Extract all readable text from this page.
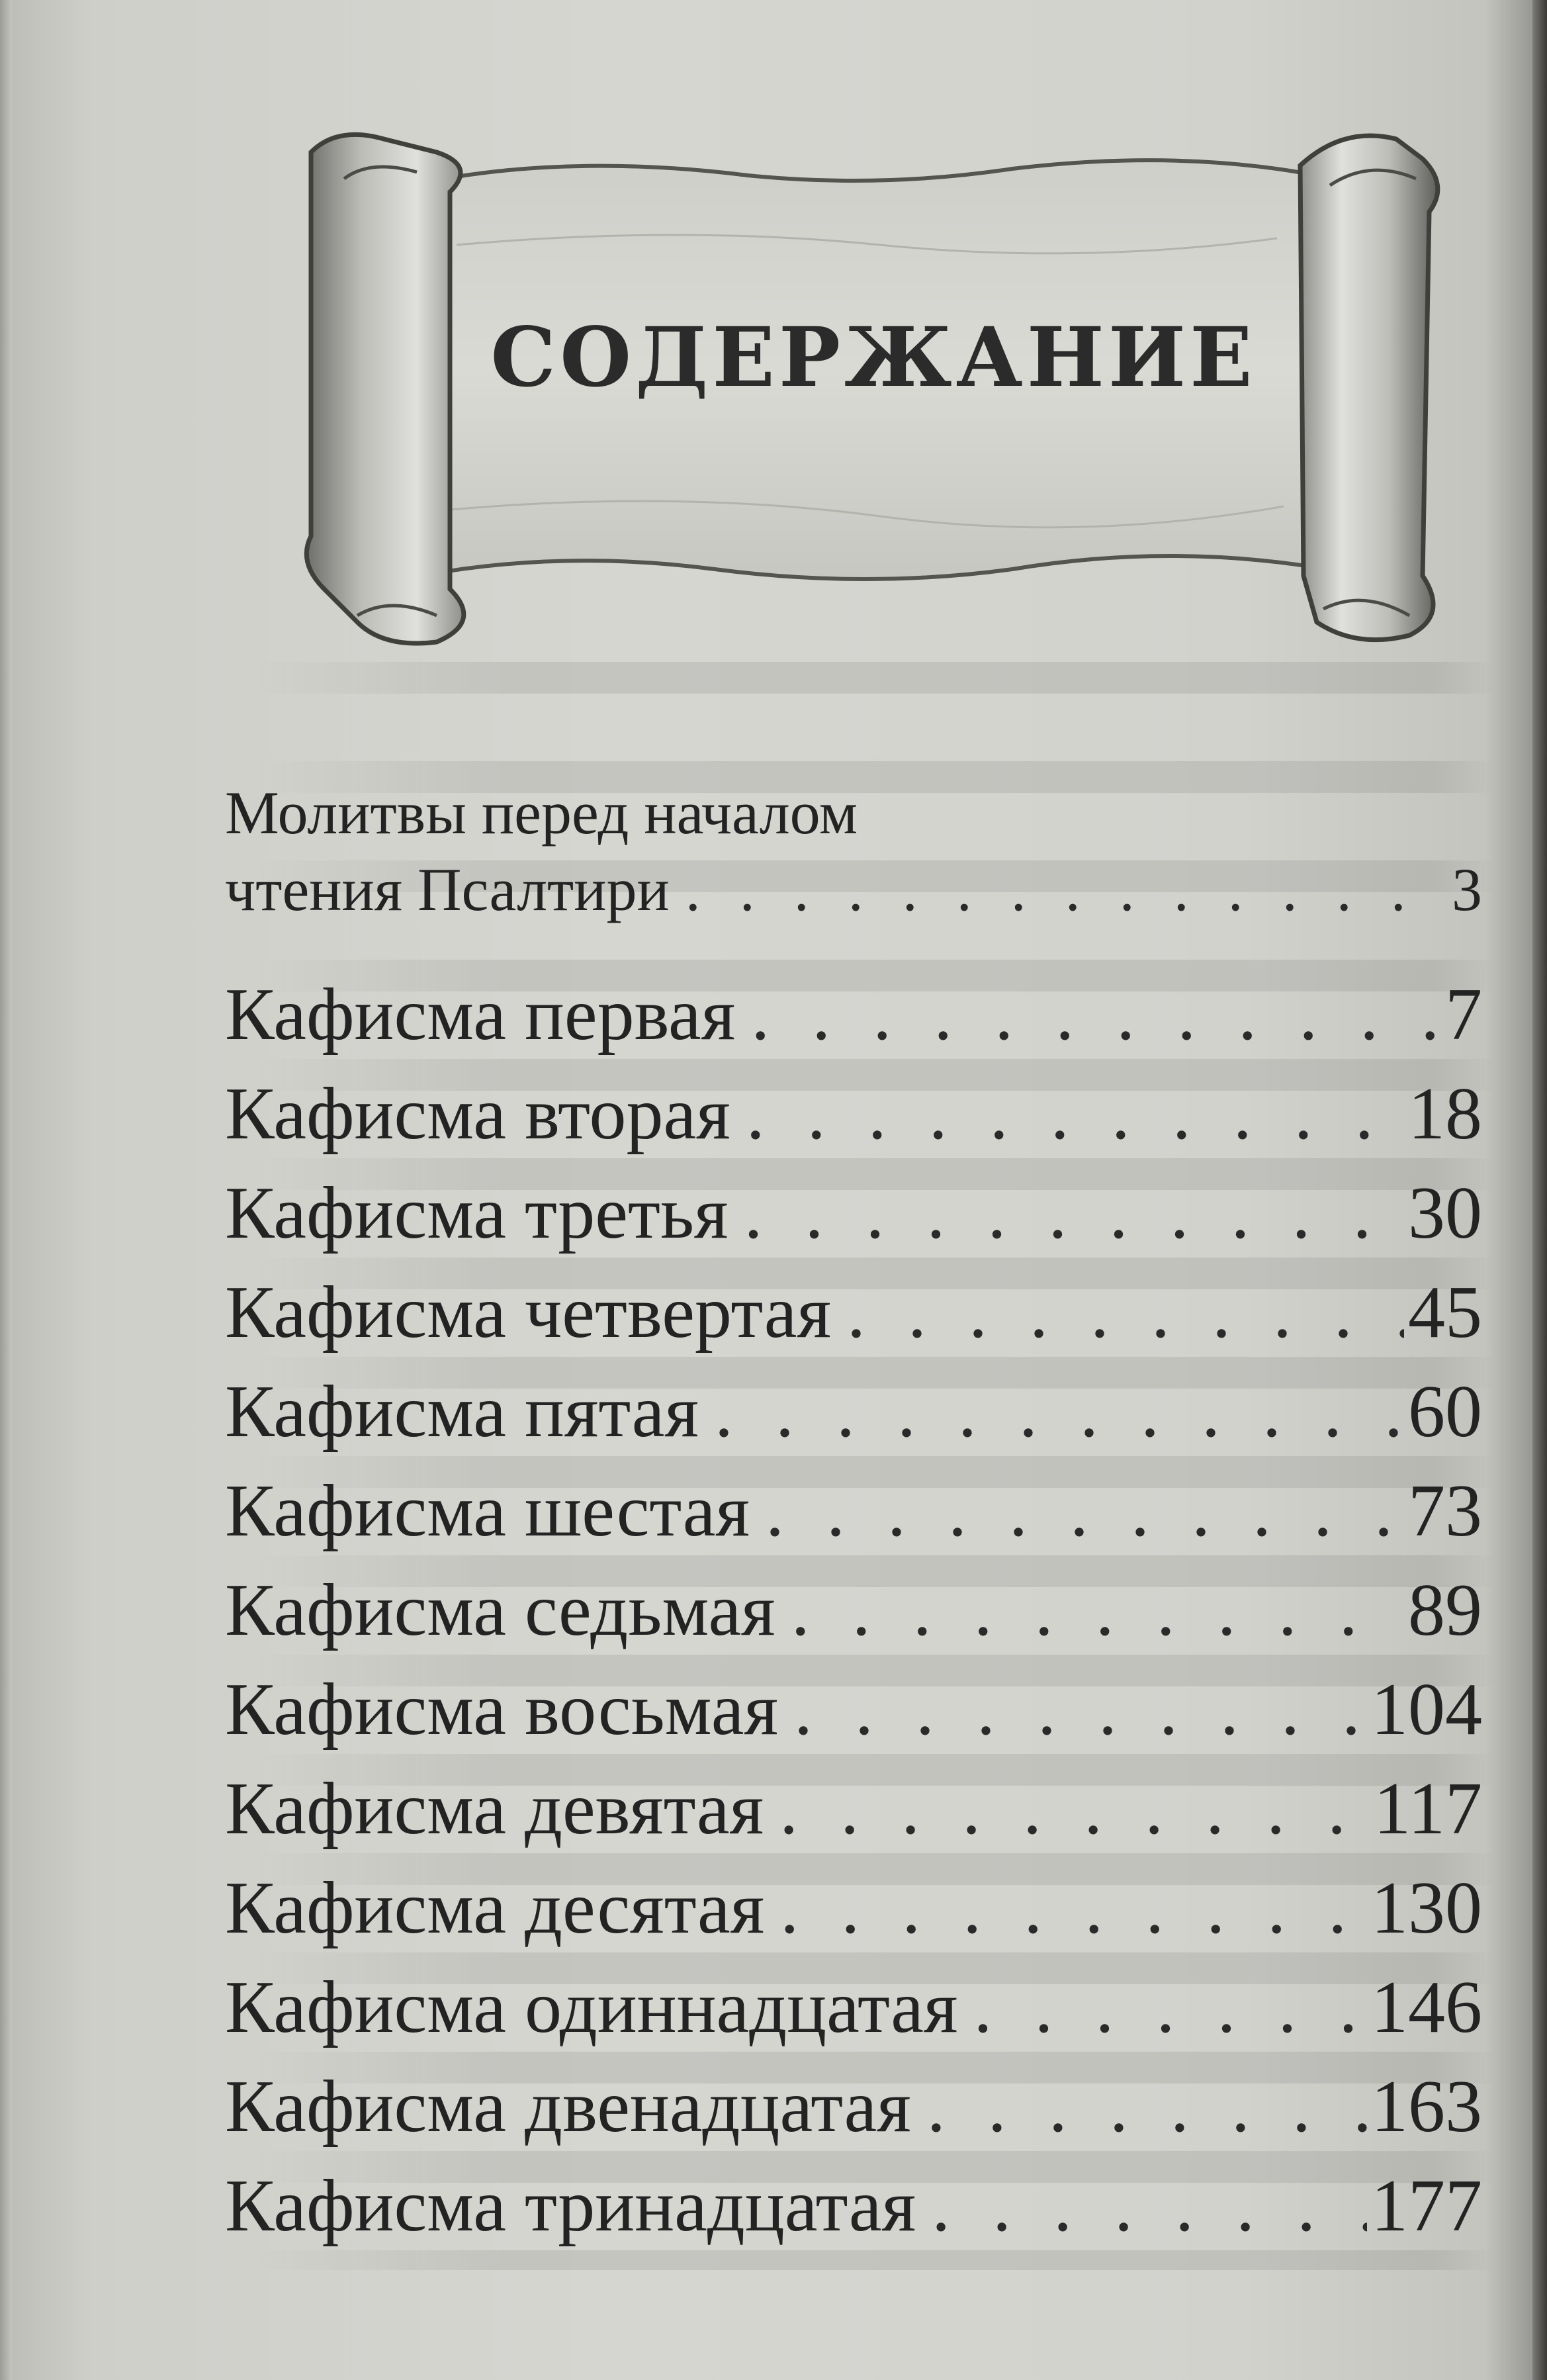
СОДЕРЖАНИЕ
Молитвы перед началом
чтения Псалтири . . .	3
Кафисма первая . . .	7
Кафисма вторая . . .	18
Кафисма третья . . .	30
Кафисма четвертая . . .	45
Кафисма пятая . . .	60
Кафисма шестая . . .	73
Кафисма седьмая . . .	89
Кафисма восьмая . . .	104
Кафисма девятая . . .	117
Кафисма десятая . . .	130
Кафисма одиннадцатая . . .	146
Кафисма двенадцатая . . .	163
Кафисма тринадцатая . . .	177
